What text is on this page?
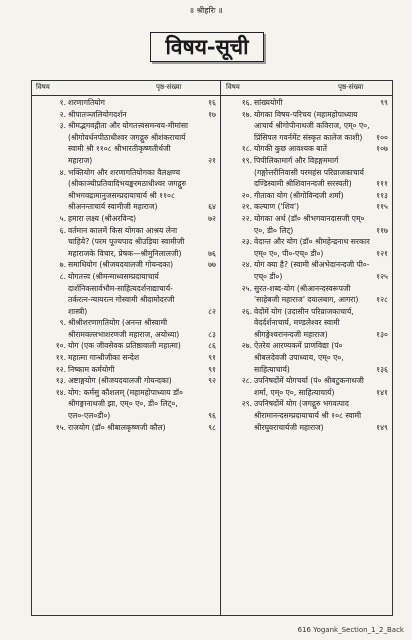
॥ श्रीहरिः ॥
विषय-सूची
विषय	पृष्ठ-संख्या	विषय	पृष्ठ-संख्या
१. शरणागतियोग	१६
२. श्रीपातञ्जलियोगदर्शन	१७
३. श्रीमद्भगवद्गीता और योगतत्त्वसमन्वय-मीमांसा (श्रीगोवर्धनपीठाधीश्वर जगद्गुरु श्रीशंकराचार्य स्वामी श्री ११०८ श्रीभारतीकृष्णतीर्थजी महाराज)	२१
४. भक्तियोग और शरणागतियोगका वैलक्षण्य (श्रीकाञ्चीप्रतिवादिभयङ्करमठाधीश्वर जगद्गुरु श्रीभगवद्रामानुजसम्प्रदायाचार्य श्री ११०८ श्रीअनन्ताचार्य स्वामीजी महाराज)	६४
५. हमारा लक्ष्य (श्रीअरविन्द)	७२
६. वर्तमान कालमें किस योगका आश्रय लेना चाहिये? (परम पूज्यपाद श्रीउड़िया स्वामीजी महाराजके विचार, प्रेषक—श्रीमुनिलालजी)	७६
७. समाधियोग (श्रीजयदयालजी गोयन्दका)	७७
८. योगतत्त्व (श्रीमन्माध्वसम्प्रदायाचार्य दार्शनिकसार्वभौम-साहित्यदर्शनाद्याचार्य-तर्करत्न-न्यायरत्न गोस्वामी श्रीदामोदरजी शास्त्री)	८२
९. श्रीश्रीशरणागतियोग (अनन्त श्रीस्वामी श्रीरामवल्लभाशरणजी महाराज, अयोध्या)	८३
१०. योग (एक जीवसेवक प्रतिष्ठावाली महात्मा)	८६
११. महात्मा गान्धीजीका सन्देश	९१
१२. निष्काम कर्मयोगी	९१
१३. अष्टाङ्गयोग (श्रीजयदयालजी गोयन्दका)	९२
१४. योग: कर्मसु कौशलम् (महामहोपाध्याय डॉ० श्रीगङ्गानाथजी झा, एम्० ए०, डी० लिट्०, एल०-एल०डी०)	९६
१५. राजयोग (डॉ० श्रीबालकृष्णजी कौल)	९८
१६. सांख्ययोगी	९९
१७. योगका विषय-परिचय (महामहोपाध्याय आचार्य श्रीगोपीनाथजी कविराज, एम्० ए०, प्रिंसिपल गवर्नमेंट संस्कृत कालेज काशी)	१००
१८. योगकी कुछ आवश्यक बातें	१०७
१९. पिपीलिकामार्ग और विहङ्गममार्ग (गङ्गोत्तरीनिवासी परमहंस परिव्राजकाचार्य दण्डिस्वामी श्रीशिवानन्दजी सरस्वती)	१११
२०. गीताका योग (श्रीगोविन्दजी शर्मा)	११३
२१. कल्याण ('शिव')	११५
२२. योगका अर्थ (डॉ० श्रीभगवानदासजी एम्० ए०, डी० लिट्)	११७
२३. वेदान्त और योग (डॉ० श्रीमहेन्द्रनाथ सरकार एम्० ए०, पी०-एच्० डी०)	१२१
२४. योग क्या है? (स्वामी श्रीअभेदानन्दजी पी०-एच्० डी०)	१२५
२५. सुरत-शब्द-योग (श्रीआनन्दस्वरूपजी 'साहेबजी महाराज' दयालबाग, आगरा)	१२८
२६. वेदोंमें योग (उदासीन परिव्राजकाचार्य, वेदर्दर्शनाचार्य, मण्डलेश्वर स्वामी श्रीगङ्गेश्वरानन्दजी महाराज)	१३०
२७. ऐतरेय आरण्यकमें प्राणविद्या (पं० श्रीबलदेवजी उपाध्याय, एम्० ए०, साहित्याचार्य)	१३६
२८. उपनिषदोंमें योगचर्या (पं० श्रीबटुकनाथजी शर्मा, एम्० ए०, साहित्याचार्य)	१४१
२९. उपनिषदोंमें योग (जगद्गुरु भगवत्पाद श्रीरामानन्दसम्प्रदायाचार्य श्री १०८ स्वामी श्रीरघुवराचार्यजी महाराज)	१४९
616 Yogank_Section_1_2_Back
